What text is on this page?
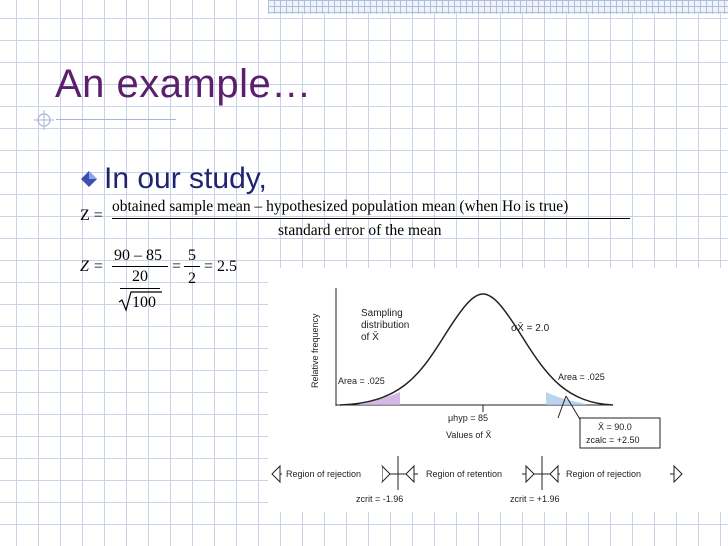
An example…
In our study,
Z =
obtained sample mean – hypothesized population mean (when Ho is true)
standard error of the mean
Z =
90 – 85
20
100
=
5
2
= 2.5
Relative frequency	Sampling
distribution
of X̄
σX̄ = 2.0
Area = .025	Area = .025
μhyp = 85
Values of X̄
X̄ = 90.0
zcalc = +2.50
Region of rejection	Region of retention	Region of rejection
zcrit = -1.96	zcrit = +1.96
